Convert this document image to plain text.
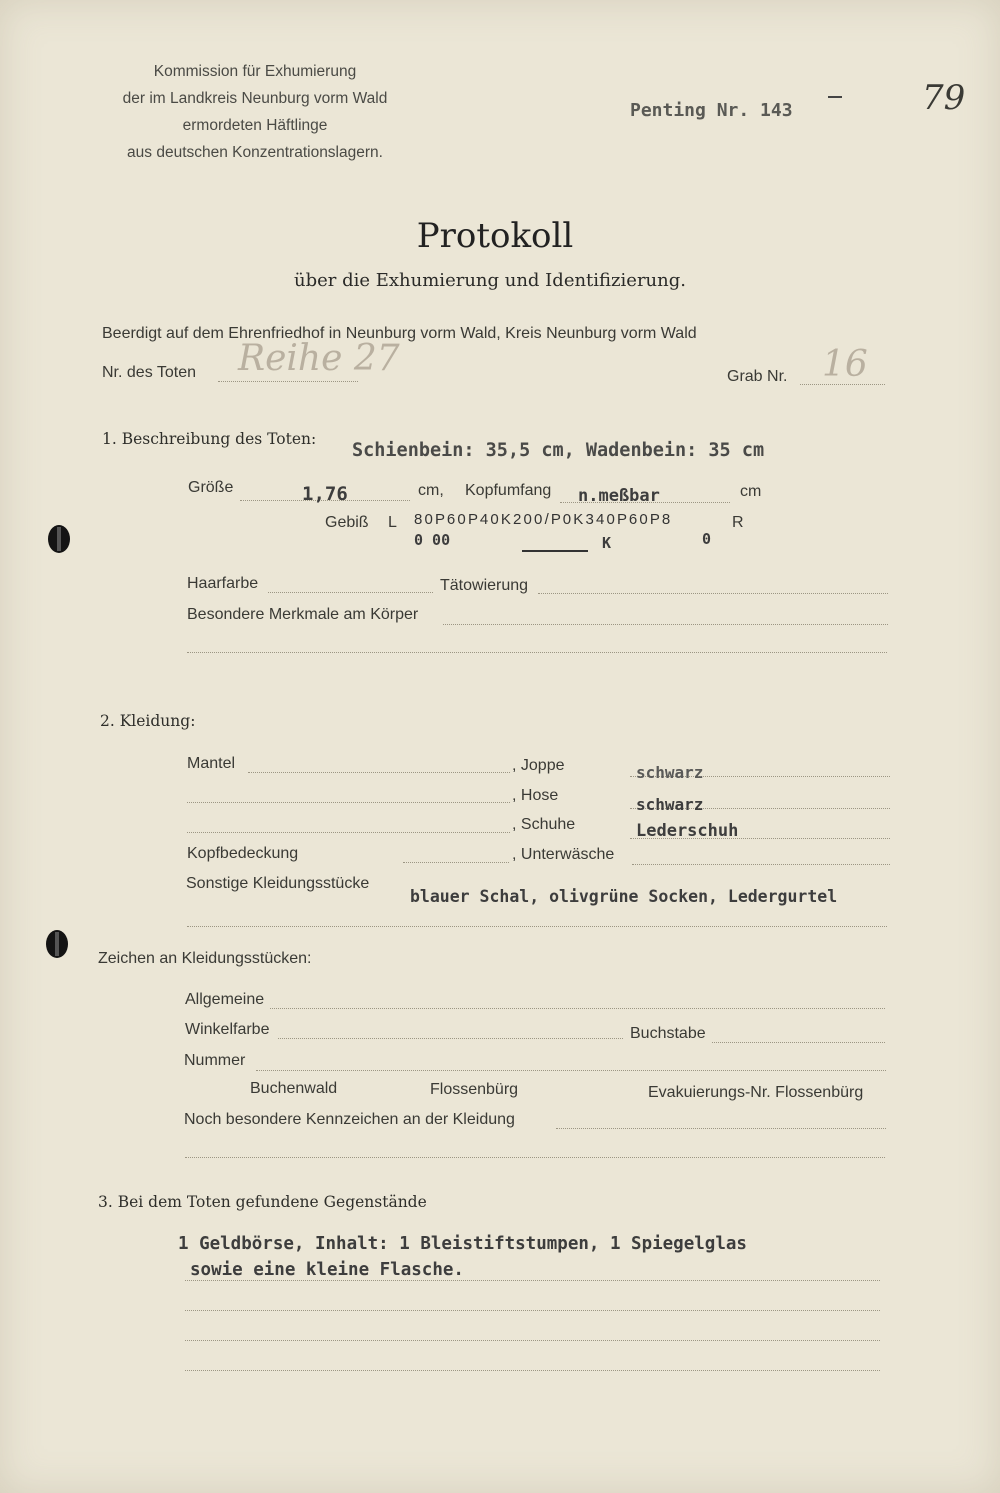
Kommission für Exhumierung
der im Landkreis Neunburg vorm Wald
ermordeten Häftlinge
aus deutschen Konzentrationslagern.
Penting Nr. 143	79
Protokoll
über die Exhumierung und Identifizierung.
Beerdigt auf dem Ehrenfriedhof in Neunburg vorm Wald, Kreis Neunburg vorm Wald
Nr. des Toten Reihe 27	Grab Nr. 16
1. Beschreibung des Toten:
Schienbein: 35,5 cm, Wadenbein: 35 cm
Größe	1,76	cm, Kopfumfang n.meßbar	cm
Gebiß L 8 0 P 6 0 P 4 0 K 2 0 0 / P 0 K 3 4 0 P 6 0 P 8	R
0 00	K	0
Haarfarbe	Tätowierung
Besondere Merkmale am Körper
2. Kleidung:
Mantel	, Joppe	schwarz
, Hose	schwarz
, Schuhe	Lederschuh
Kopfbedeckung	, Unterwäsche
Sonstige Kleidungsstücke
blauer Schal, olivgrüne Socken, Ledergurtel
Zeichen an Kleidungsstücken:
Allgemeine
Winkelfarbe	Buchstabe
Nummer
Buchenwald	Flossenbürg	Evakuierungs-Nr. Flossenbürg
Noch besondere Kennzeichen an der Kleidung
3. Bei dem Toten gefundene Gegenstände
1 Geldbörse, Inhalt: 1 Bleistiftstumpen, 1 Spiegelglas
sowie eine kleine Flasche.
